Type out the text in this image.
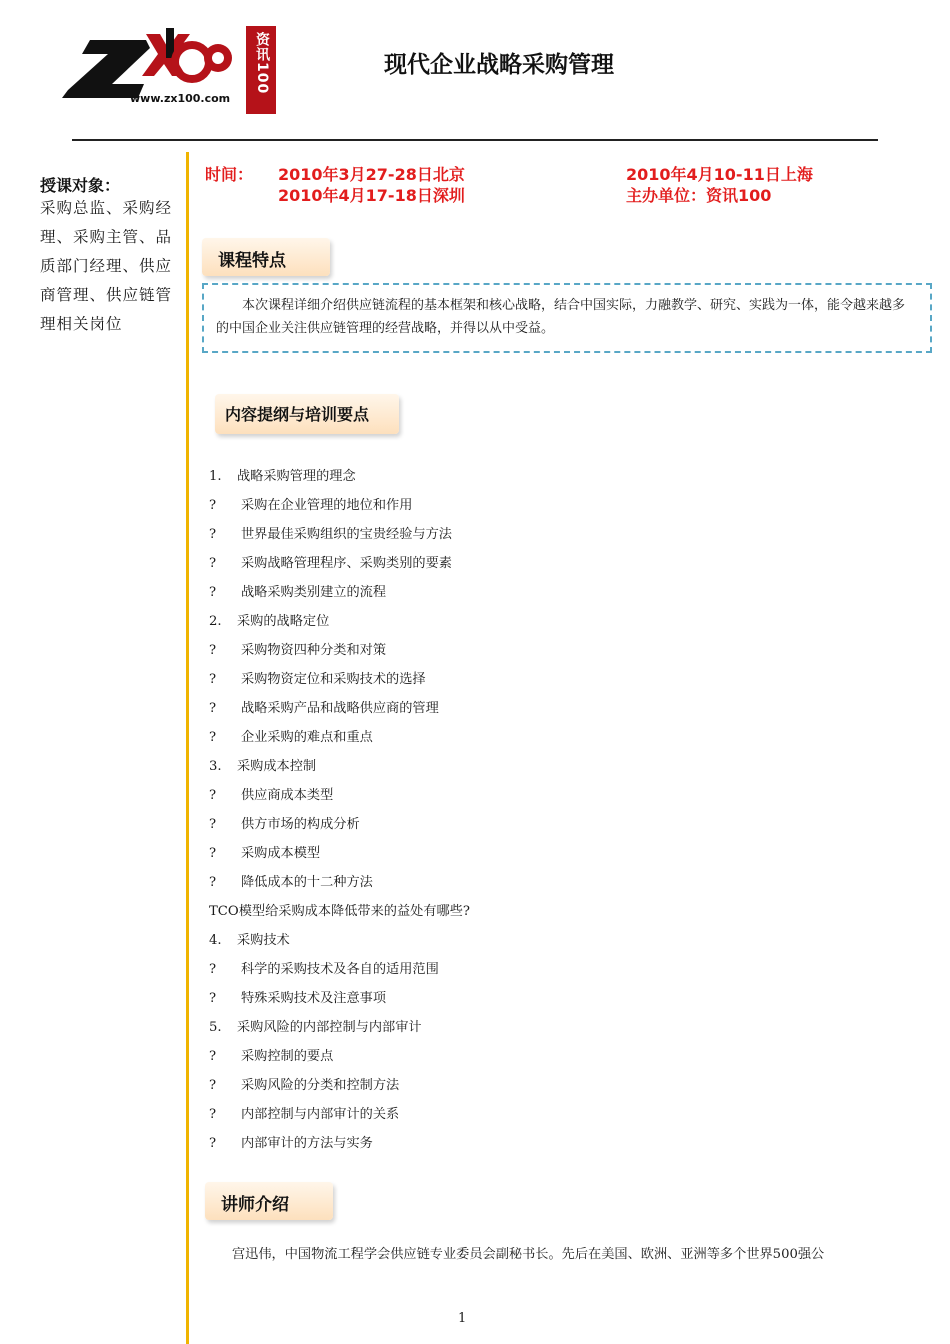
www.zx100.com
资讯100	现代企业战略采购管理
授课对象：
采购总监、采购经理、采购主管、品质部门经理、供应商管理、供应链管理相关岗位
时间： 2010年3月27-28日北京	2010年4月10-11日上海
2010年4月17-18日深圳	主办单位：资讯100
课程特点
本次课程详细介绍供应链流程的基本框架和核心战略，结合中国实际，力融教学、研究、实践为一体，能令越来越多的中国企业关注供应链管理的经营战略，并得以从中受益。
内容提纲与培训要点
1. 战略采购管理的理念
? 采购在企业管理的地位和作用
? 世界最佳采购组织的宝贵经验与方法
? 采购战略管理程序、采购类别的要素
? 战略采购类别建立的流程
2. 采购的战略定位
? 采购物资四种分类和对策
? 采购物资定位和采购技术的选择
? 战略采购产品和战略供应商的管理
? 企业采购的难点和重点
3. 采购成本控制
? 供应商成本类型
? 供方市场的构成分析
? 采购成本模型
? 降低成本的十二种方法
TCO模型给采购成本降低带来的益处有哪些?
4. 采购技术
? 科学的采购技术及各自的适用范围
? 特殊采购技术及注意事项
5. 采购风险的内部控制与内部审计
? 采购控制的要点
? 采购风险的分类和控制方法
? 内部控制与内部审计的关系
? 内部审计的方法与实务
讲师介绍
宫迅伟，中国物流工程学会供应链专业委员会副秘书长。先后在美国、欧洲、亚洲等多个世界500强公
1
